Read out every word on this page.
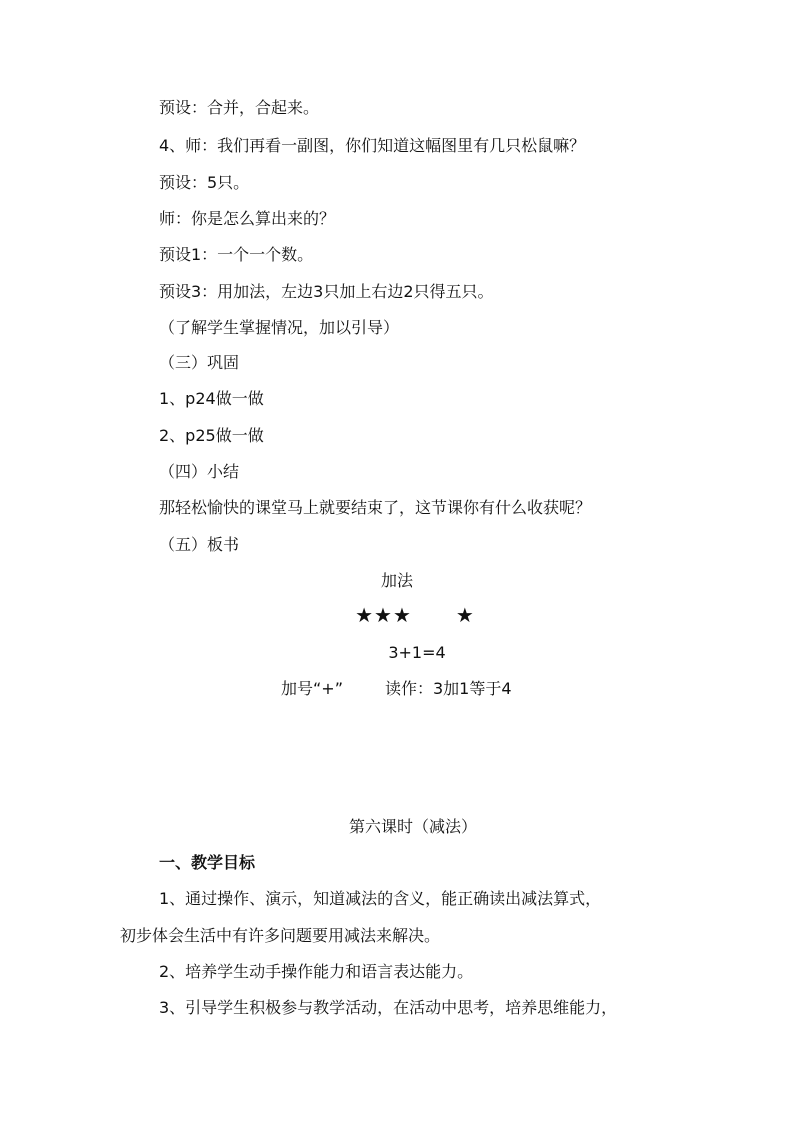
预设：合并，合起来。
4、师：我们再看一副图，你们知道这幅图里有几只松鼠嘛？
预设：5只。
师：你是怎么算出来的？
预设1：一个一个数。
预设3：用加法，左边3只加上右边2只得五只。
（了解学生掌握情况，加以引导）
（三）巩固
1、p24做一做
2、p25做一做
（四）小结
那轻松愉快的课堂马上就要结束了，这节课你有什么收获呢？
（五）板书
加法
★★★ ★
3+1=4
加号“+”	读作：3加1等于4
第六课时（减法）
一、教学目标
1、通过操作、演示，知道减法的含义，能正确读出减法算式，
初步体会生活中有许多问题要用减法来解决。
2、培养学生动手操作能力和语言表达能力。
3、引导学生积极参与教学活动，在活动中思考，培养思维能力，
